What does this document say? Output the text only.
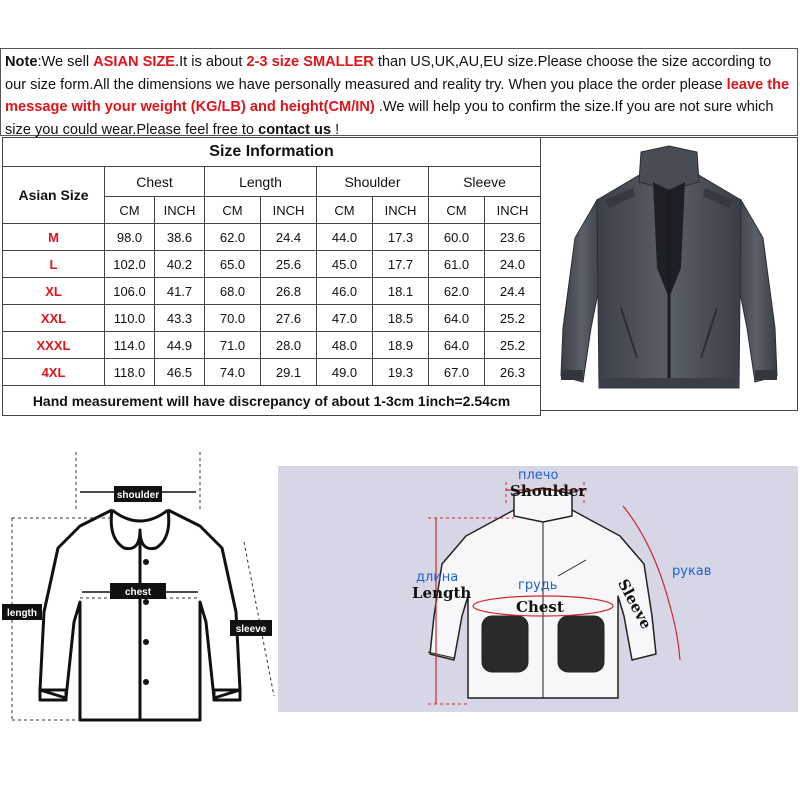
Note:We sell ASIAN SIZE.It is about 2-3 size SMALLER than US,UK,AU,EU size.Please choose the size according to
our size form.All the dimensions we have personally measured and reality try. When you place the order please leave the
message with your weight (KG/LB) and height(CM/IN) .We will help you to confirm the size.If you are not sure which
size you could wear.Please feel free to contact us !
Size Information								
Asian Size	Chest		Length		Shoulder		Sleeve	
	CM	INCH	CM	INCH	CM	INCH	CM	INCH
M	98.0	38.6	62.0	24.4	44.0	17.3	60.0	23.6
L	102.0	40.2	65.0	25.6	45.0	17.7	61.0	24.0
XL	106.0	41.7	68.0	26.8	46.0	18.1	62.0	24.4
XXL	110.0	43.3	70.0	27.6	47.0	18.5	64.0	25.2
XXXL	114.0	44.9	71.0	28.0	48.0	18.9	64.0	25.2
4XL	118.0	46.5	74.0	29.1	49.0	19.3	67.0	26.3
Hand measurement will have discrepancy of about 1-3cm 1inch=2.54cm								
shoulder
chest
length
sleeve
плечо
Shoulder
длина
Length	грудь
Chest
рукав
Sleeve
